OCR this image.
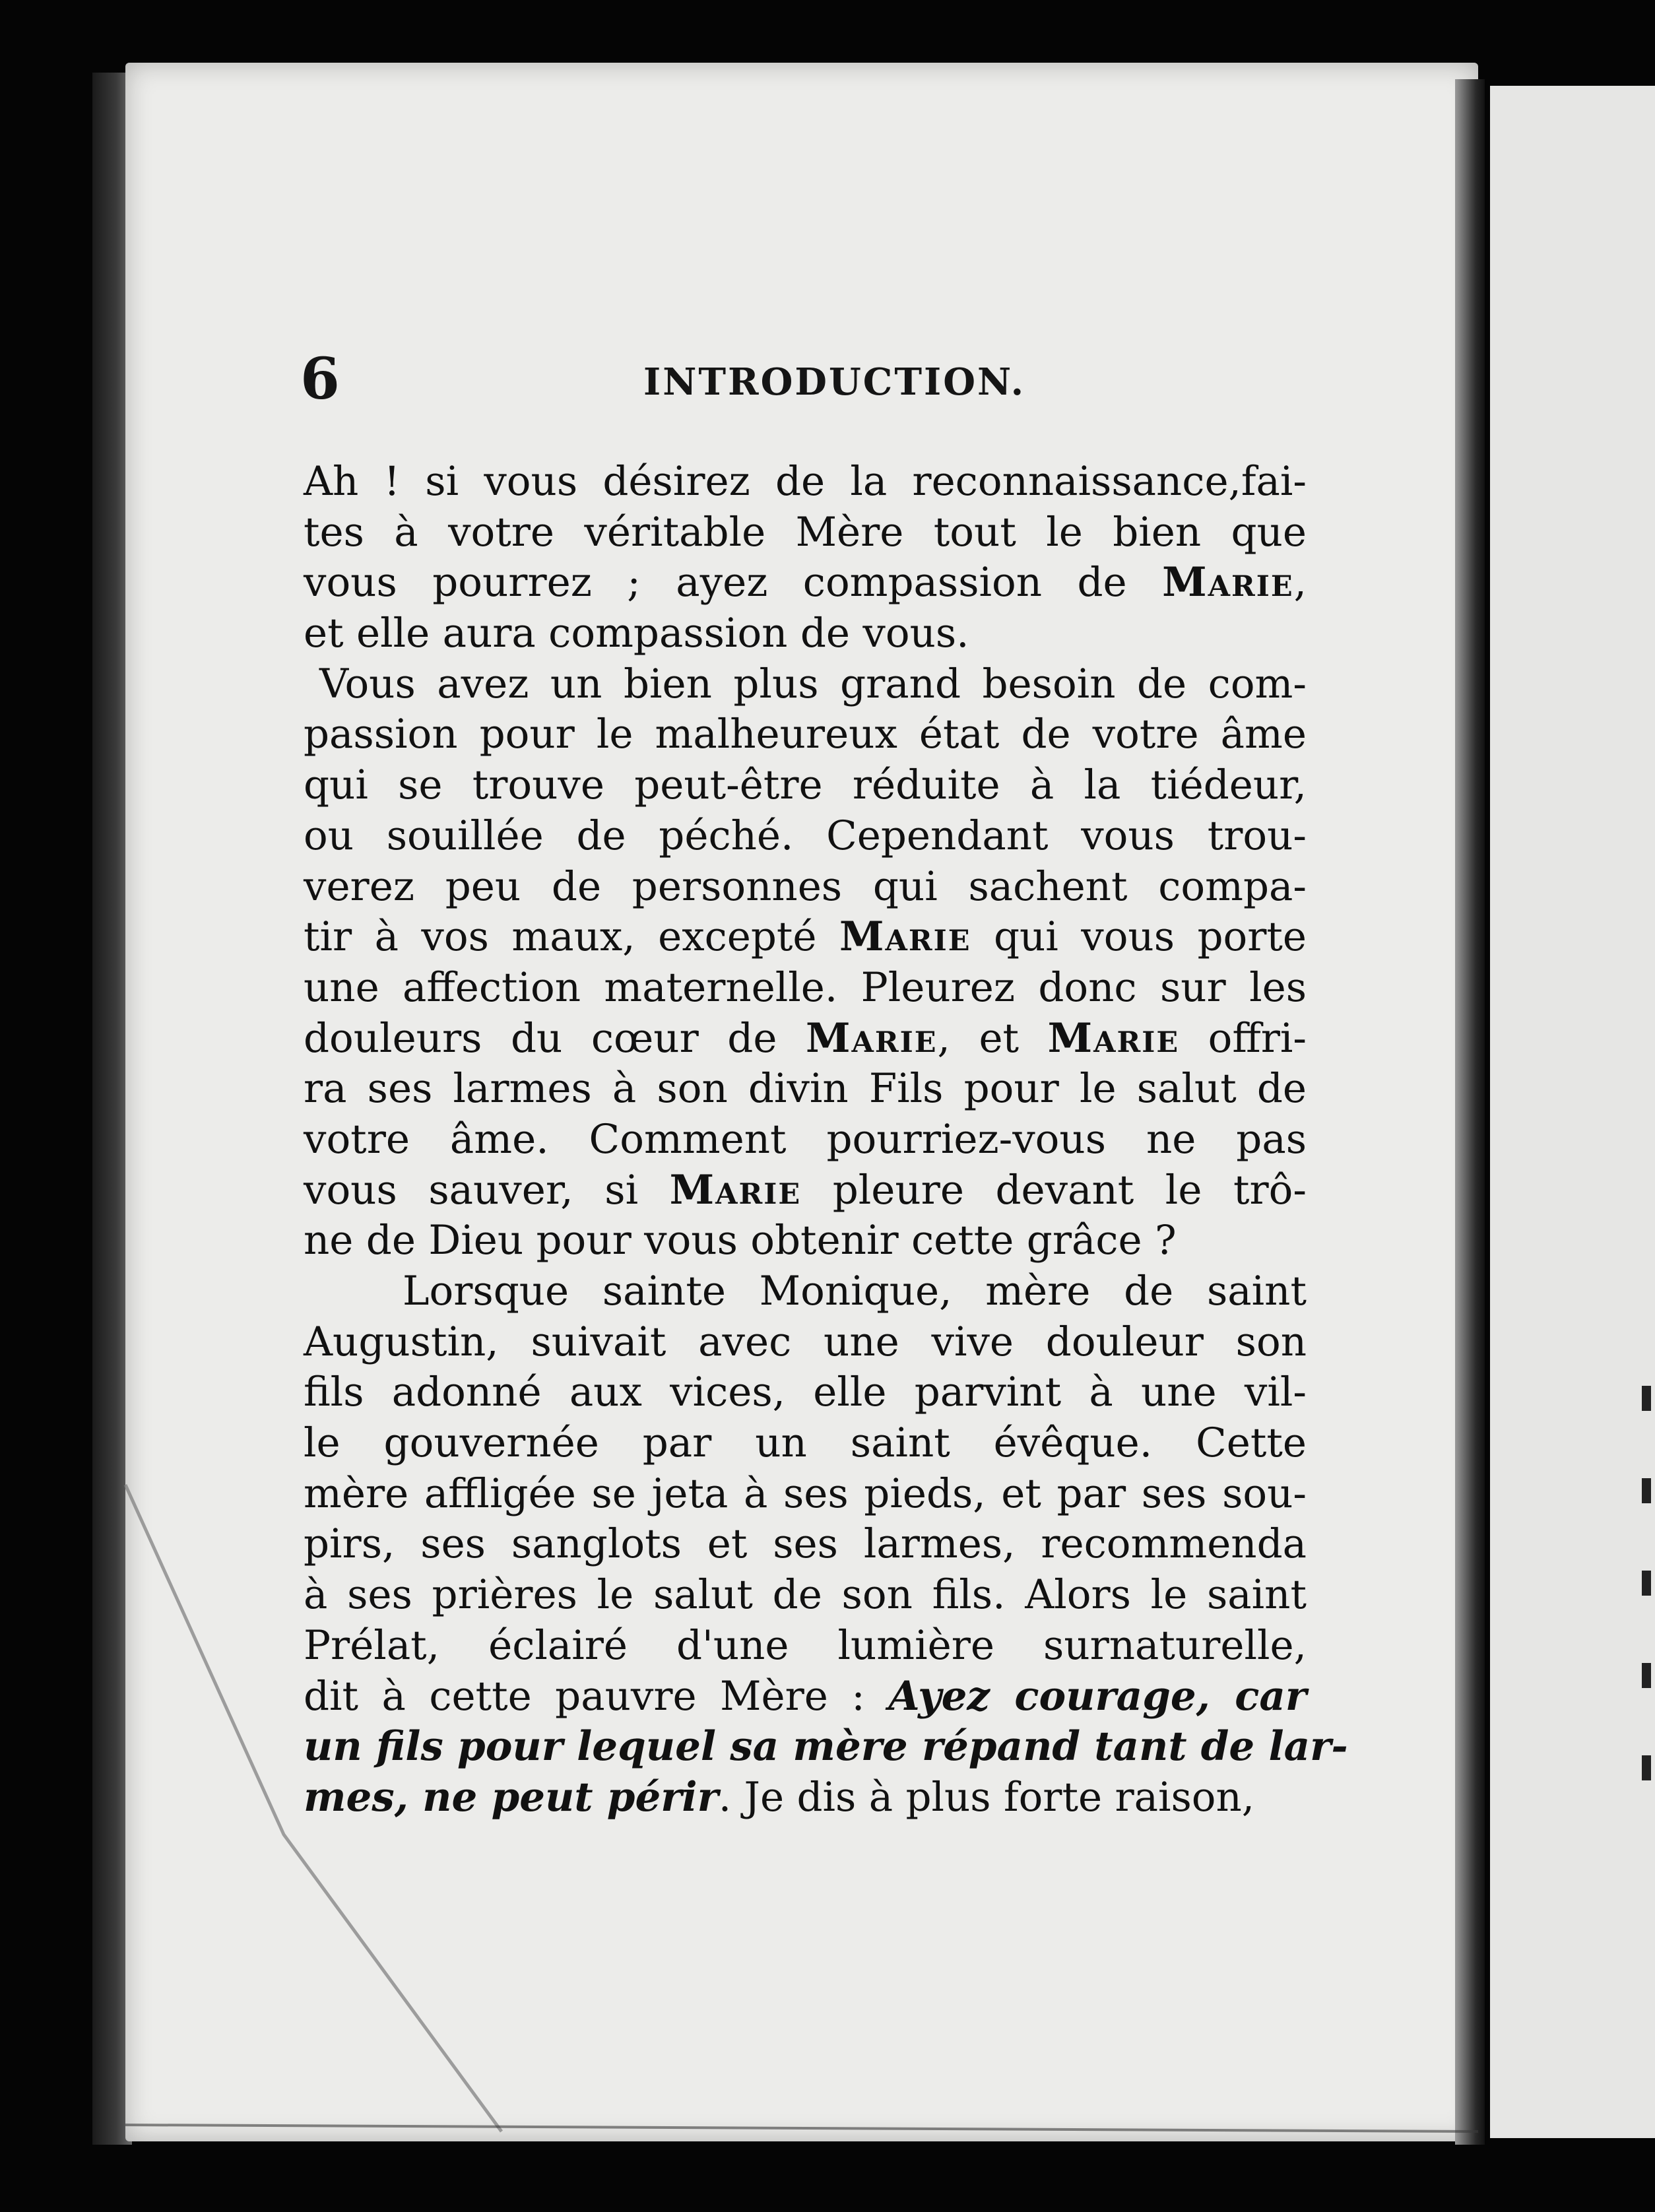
6	INTRODUCTION.
Ah ! si vous désirez de la reconnaissance,fai-
tes à votre véritable Mère tout le bien que
vous pourrez ; ayez compassion de Marie,
et elle aura compassion de vous.
Vous avez un bien plus grand besoin de com-
passion pour le malheureux état de votre âme
qui se trouve peut-être réduite à la tiédeur,
ou souillée de péché. Cependant vous trou-
verez peu de personnes qui sachent compa-
tir à vos maux, excepté Marie qui vous porte
une affection maternelle. Pleurez donc sur les
douleurs du cœur de Marie, et Marie offri-
ra ses larmes à son divin Fils pour le salut de
votre âme. Comment pourriez-vous ne pas
vous sauver, si Marie pleure devant le trô-
ne de Dieu pour vous obtenir cette grâce ?
Lorsque sainte Monique, mère de saint
Augustin, suivait avec une vive douleur son
fils adonné aux vices, elle parvint à une vil-
le gouvernée par un saint évêque. Cette
mère affligée se jeta à ses pieds, et par ses sou-
pirs, ses sanglots et ses larmes, recommenda
à ses prières le salut de son fils. Alors le saint
Prélat, éclairé d'une lumière surnaturelle,
dit à cette pauvre Mère : Ayez courage, car
un fils pour lequel sa mère répand tant de lar-
mes, ne peut périr. Je dis à plus forte raison,
